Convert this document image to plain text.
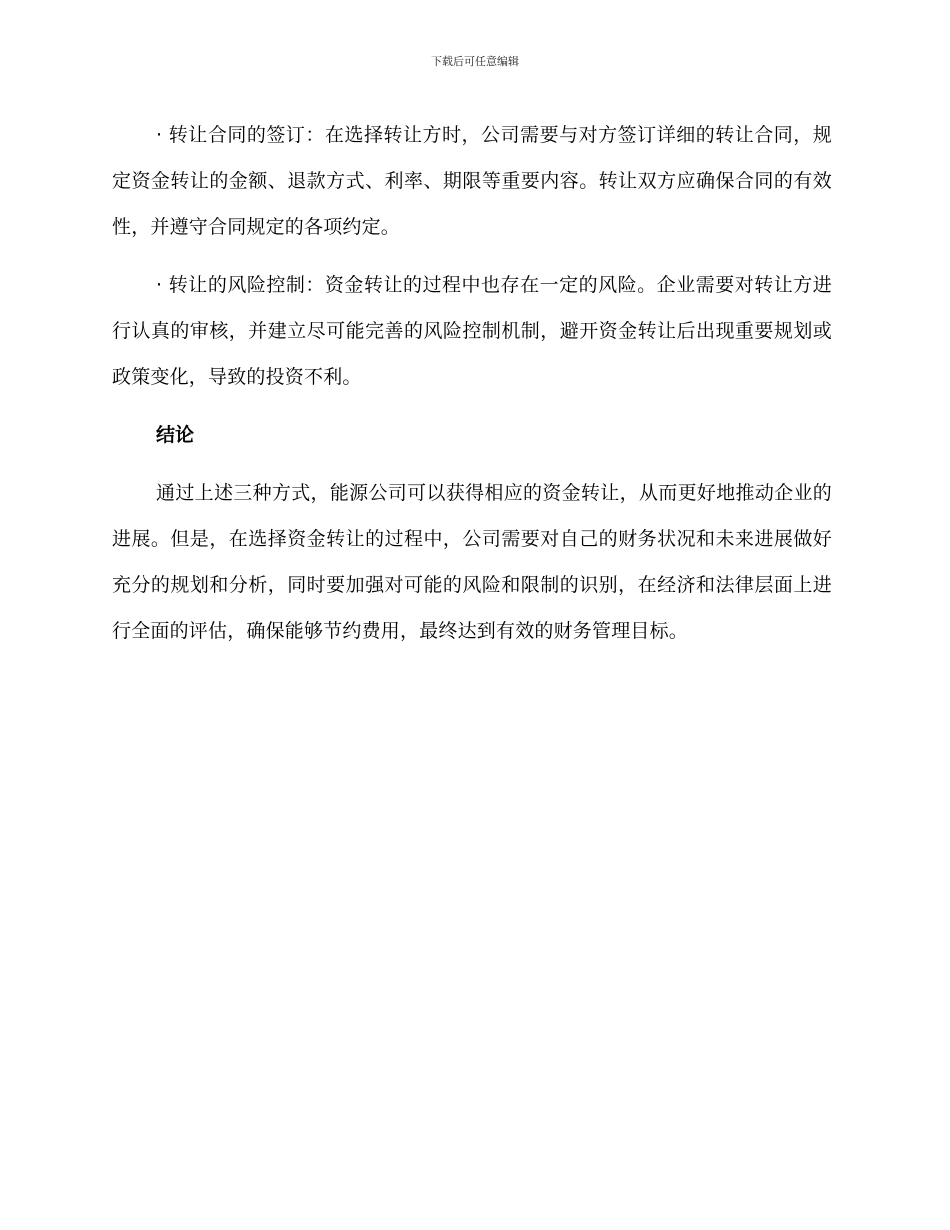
下载后可任意编辑

· 转让合同的签订：在选择转让方时，公司需要与对方签订详细的转让合同，规定资金转让的金额、退款方式、利率、期限等重要内容。转让双方应确保合同的有效性，并遵守合同规定的各项约定。

· 转让的风险控制：资金转让的过程中也存在一定的风险。企业需要对转让方进行认真的审核，并建立尽可能完善的风险控制机制，避开资金转让后出现重要规划或政策变化，导致的投资不利。

结论

通过上述三种方式，能源公司可以获得相应的资金转让，从而更好地推动企业的进展。但是，在选择资金转让的过程中，公司需要对自己的财务状况和未来进展做好充分的规划和分析，同时要加强对可能的风险和限制的识别，在经济和法律层面上进行全面的评估，确保能够节约费用，最终达到有效的财务管理目标。
